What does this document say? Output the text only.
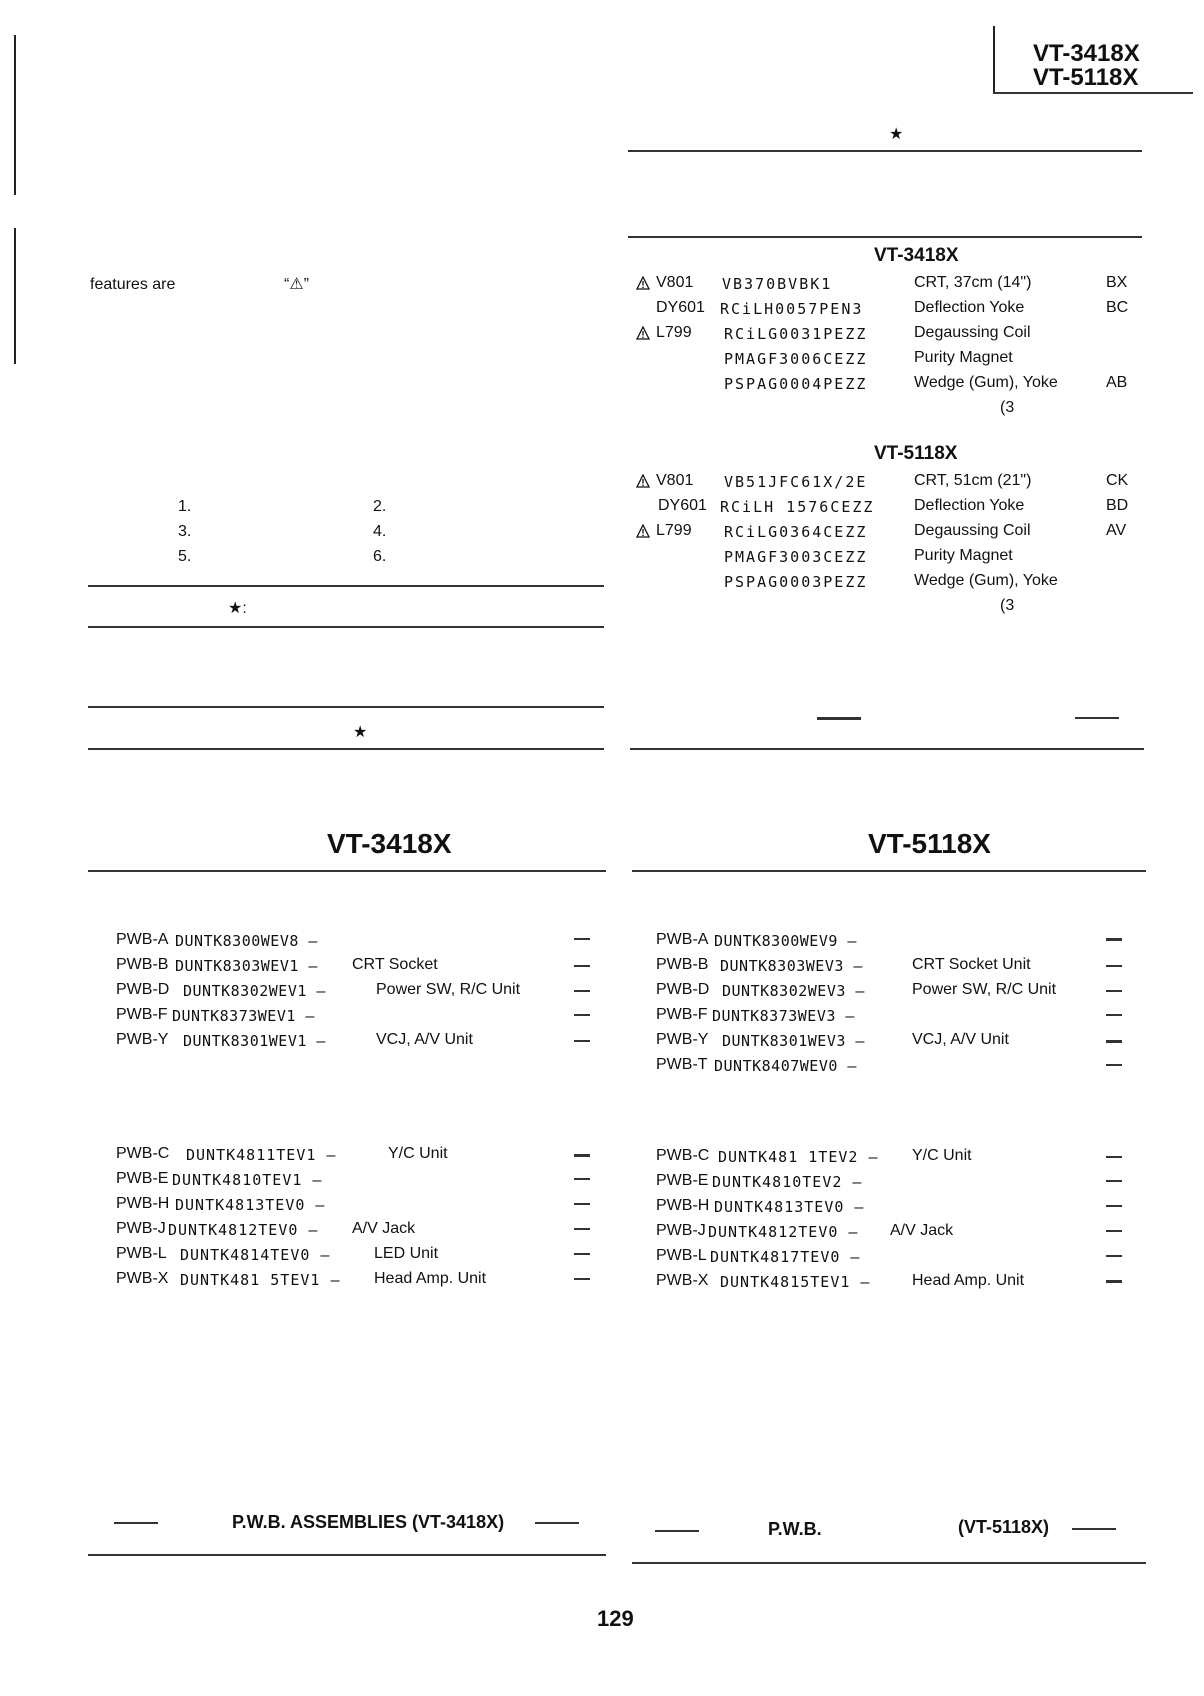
VT-3418X
VT-5118X
features are	“⚠”
1.	2.
3.	4.
5.	6.
★:
★
★
VT-3418X
V801 VB370BVBK1	CRT, 37cm (14")	BX
DY601 RCiLH0057PEN3	Deflection Yoke	BC
L799 RCiLG0031PEZZ	Degaussing Coil
PMAGF3006CEZZ	Purity Magnet
PSPAG0004PEZZ	Wedge (Gum), Yoke	AB
(3
VT-5118X
V801 VB51JFC61X/2E	CRT, 51cm (21")	CK
DY601 RCiLH 1576CEZZ Deflection Yoke	BD
L799 RCiLG0364CEZZ	Degaussing Coil	AV
PMAGF3003CEZZ	Purity Magnet
PSPAG0003PEZZ	Wedge (Gum), Yoke
(3
VT-3418X	VT-5118X
PWB-A DUNTK8300WEV8 –
PWB-B DUNTK8303WEV1 – CRT Socket
PWB-D DUNTK8302WEV1 –	Power SW, R/C Unit
PWB-F DUNTK8373WEV1 –
PWB-Y DUNTK8301WEV1 –	VCJ, A/V Unit
PWB-C DUNTK4811TEV1 –	Y/C Unit
PWB-E DUNTK4810TEV1 –
PWB-H DUNTK4813TEV0 –
PWB-J DUNTK4812TEV0 – A/V Jack
PWB-L DUNTK4814TEV0 –	LED Unit
PWB-X DUNTK481 5TEV1 – Head Amp. Unit
PWB-A DUNTK8300WEV9 –
PWB-B DUNTK8303WEV3 –	CRT Socket Unit
PWB-D DUNTK8302WEV3 –	Power SW, R/C Unit
PWB-F DUNTK8373WEV3 –
PWB-Y DUNTK8301WEV3 –	VCJ, A/V Unit
PWB-T DUNTK8407WEV0 –
PWB-C DUNTK481 1TEV2 – Y/C Unit
PWB-E DUNTK4810TEV2 –
PWB-H DUNTK4813TEV0 –
PWB-J DUNTK4812TEV0 – A/V Jack
PWB-L DUNTK4817TEV0 –
PWB-X DUNTK4815TEV1 –	Head Amp. Unit
P.W.B. ASSEMBLIES (VT-3418X)	P.W.B.	(VT-5118X)
129
